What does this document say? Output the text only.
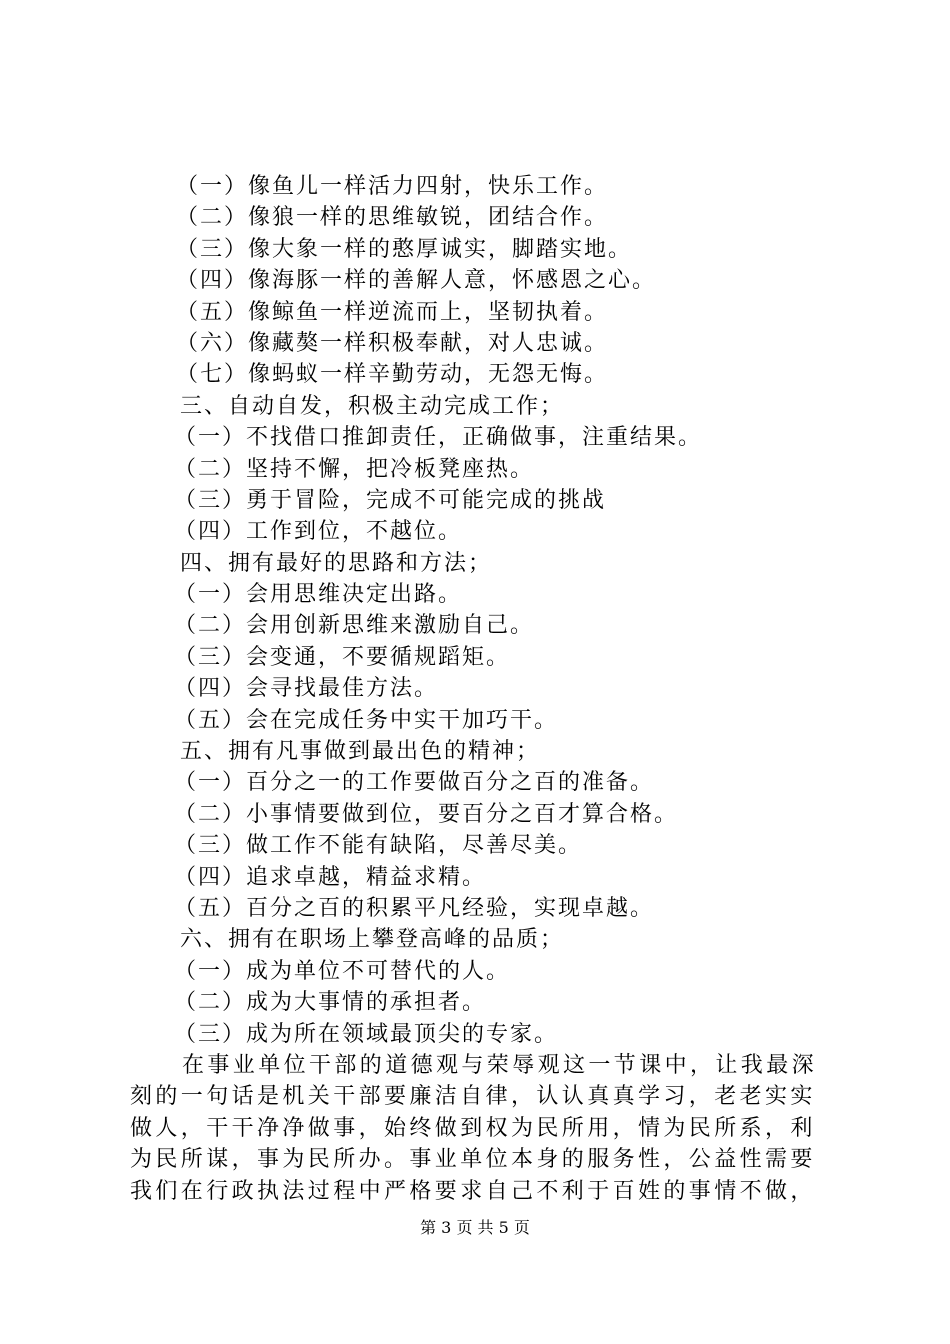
（一）像鱼儿一样活力四射，快乐工作。
（二）像狼一样的思维敏锐，团结合作。
（三）像大象一样的憨厚诚实，脚踏实地。
（四）像海豚一样的善解人意，怀感恩之心。
（五）像鲸鱼一样逆流而上，坚韧执着。
（六）像藏獒一样积极奉献，对人忠诚。
（七）像蚂蚁一样辛勤劳动，无怨无悔。
三、自动自发，积极主动完成工作；
（一）不找借口推卸责任，正确做事，注重结果。
（二）坚持不懈，把冷板凳座热。
（三）勇于冒险，完成不可能完成的挑战
（四）工作到位，不越位。
四、拥有最好的思路和方法；
（一）会用思维决定出路。
（二）会用创新思维来激励自己。
（三）会变通，不要循规蹈矩。
（四）会寻找最佳方法。
（五）会在完成任务中实干加巧干。
五、拥有凡事做到最出色的精神；
（一）百分之一的工作要做百分之百的准备。
（二）小事情要做到位，要百分之百才算合格。
（三）做工作不能有缺陷，尽善尽美。
（四）追求卓越，精益求精。
（五）百分之百的积累平凡经验，实现卓越。
六、拥有在职场上攀登高峰的品质；
（一）成为单位不可替代的人。
（二）成为大事情的承担者。
（三）成为所在领域最顶尖的专家。
在事业单位干部的道德观与荣辱观这一节课中，让我最深
刻的一句话是机关干部要廉洁自律，认认真真学习，老老实实
做人，干干净净做事，始终做到权为民所用，情为民所系，利
为民所谋，事为民所办。事业单位本身的服务性，公益性需要
我们在行政执法过程中严格要求自己不利于百姓的事情不做，
第 3 页 共 5 页
